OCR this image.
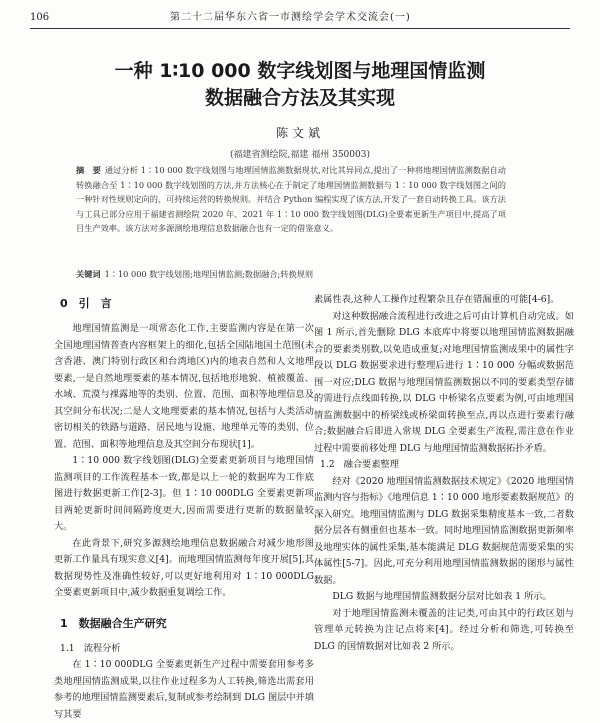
106	第二十二届华东六省一市测绘学会学术交流会(一)
一种 1∶10 000 数字线划图与地理国情监测
数据融合方法及其实现
陈文斌
(福建省测绘院,福建 福州 350003)
摘　要 通过分析 1∶10 000 数字线划图与地理国情监测数据现状,对比其异同点,提出了一种将地理国情监测数据自动转换融合至 1∶10 000 数字线划图的方法,并方法核心在于制定了地理国情监测数据与 1∶10 000 数字线划图之间的一种针对性规则定向的、可持续运营的转换规则。并结合 Python 编程实现了该方法,开发了一套自动转换工具。该方法与工具已部分应用于福建省测绘院 2020 年、2021 年 1∶10 000 数字线划图(DLG)全要素更新生产项目中,提高了项目生产效率。该方法对多源测绘地理信息数据融合也有一定的借鉴意义。
关键词 1∶10 000 数字线划图;地理国情监测;数据融合;转换规则
0　引　言

地理国情监测是一项常态化工作,主要监测内容是在第一次全国地理国情普查内容框架上的细化,包括全国陆地国土范围(未含香港、澳门特别行政区和台湾地区)内的地表自然和人文地理要素,一是自然地理要素的基本情况,包括地形地貌、植被覆盖、水域、荒漠与裸露地等的类别、位置、范围、面积等地理信息及其空间分布状况;二是人文地理要素的基本情况,包括与人类活动密切相关的铁路与道路、居民地与设施、地理单元等的类别、位置、范围、面积等地理信息及其空间分布现状[1]。

1∶10 000 数字线划图(DLG)全要素更新项目与地理国情监测项目的工作流程基本一致,都是以上一轮的数据库为工作底图进行数据更新工作[2-3]。但 1∶10 000DLG 全要素更新项目两轮更新时间间隔跨度更大,因而需要进行更新的数据量较大。

在此背景下,研究多源测绘地理信息数据融合对减少地形图更新工作量具有现实意义[4]。而地理国情监测每年度开展[5],其数据现势性及准确性较好,可以更好地利用对 1∶10 000DLG 全要素更新项目中,减少数据重复调绘工作。

1　数据融合生产研究
1.1　流程分析

在 1∶10 000DLG 全要素更新生产过程中需要套用参考多类地理国情监测成果,以往作业过程多为人工转换,筛选出需套用参考的地理国情监测要素后,复制或参考绘制到 DLG 图层中并填写其要

素属性表,这种人工操作过程繁杂且存在错漏重的可能[4-6]。

对这种数据融合流程进行改进之后可由计算机自动完成。如图 1 所示,首先删除 DLG 本底库中将要以地理国情监测数据融合的要素类别数,以免造成重复;对地理国情监测成果中的属性字段以 DLG 数据要求进行整理后进行 1∶10 000 分幅或数据范围一对应;DLG 数据与地理国情监测数据以不同的要素类型存储的需进行点线面转换,以 DLG 中桥梁名点要素为例,可由地理国情监测数据中的桥梁线或桥梁面转换至点,再以点进行要素行融合;数据融合后即进入常规 DLG 全要素生产流程,需注意在作业过程中需要前移处理 DLG 与地理国情监测数据拓扑矛盾。

1.2　融合要素整理

经对《2020 地理国情监测数据技术规定》《2020 地理国情监测内容与指标》《地理信息 1∶10 000 地形要素数据规范》的深入研究。地理国情监测与 DLG 数据采集精度基本一致,二者数据分层各有侧重但也基本一致。同时地理国情监测数据更新频率及地理实体的属性采集,基本能满足 DLG 数据规范需要采集的实体属性[5-7]。因此,可充分利用地理国情监测数据的图形与属性数据。

DLG 数据与地理国情监测数据分层对比如表 1 所示。

对于地理国情监测未覆盖的注记类,可由其中的行政区划与管理单元转换为注记点将来[4]。经过分析和筛选,可转换至 DLG 的国情数据对比如表 2 所示。
